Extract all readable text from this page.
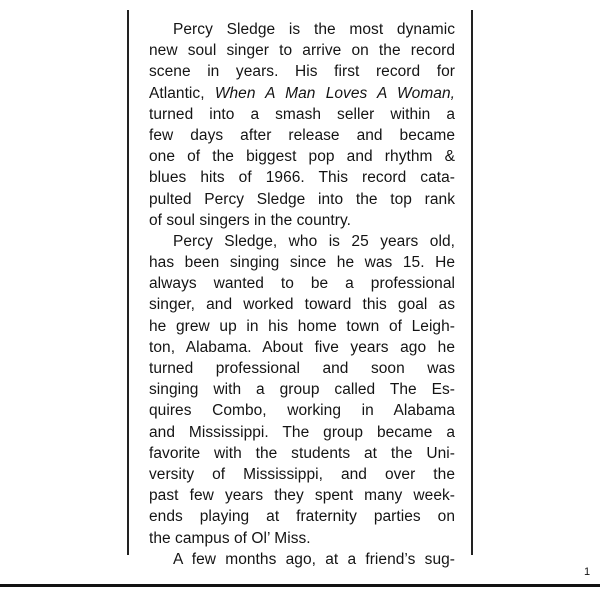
Percy Sledge is the most dynamic
new soul singer to arrive on the record
scene in years. His first record for
Atlantic, When A Man Loves A Woman,
turned into a smash seller within a
few days after release and became
one of the biggest pop and rhythm &
blues hits of 1966. This record cata-
pulted Percy Sledge into the top rank
of soul singers in the country.
Percy Sledge, who is 25 years old,
has been singing since he was 15. He
always wanted to be a professional
singer, and worked toward this goal as
he grew up in his home town of Leigh-
ton, Alabama. About five years ago he
turned professional and soon was
singing with a group called The Es-
quires Combo, working in Alabama
and Mississippi. The group became a
favorite with the students at the Uni-
versity of Mississippi, and over the
past few years they spent many week-
ends playing at fraternity parties on
the campus of Ol’ Miss.
A few months ago, at a friend’s sug-
1
